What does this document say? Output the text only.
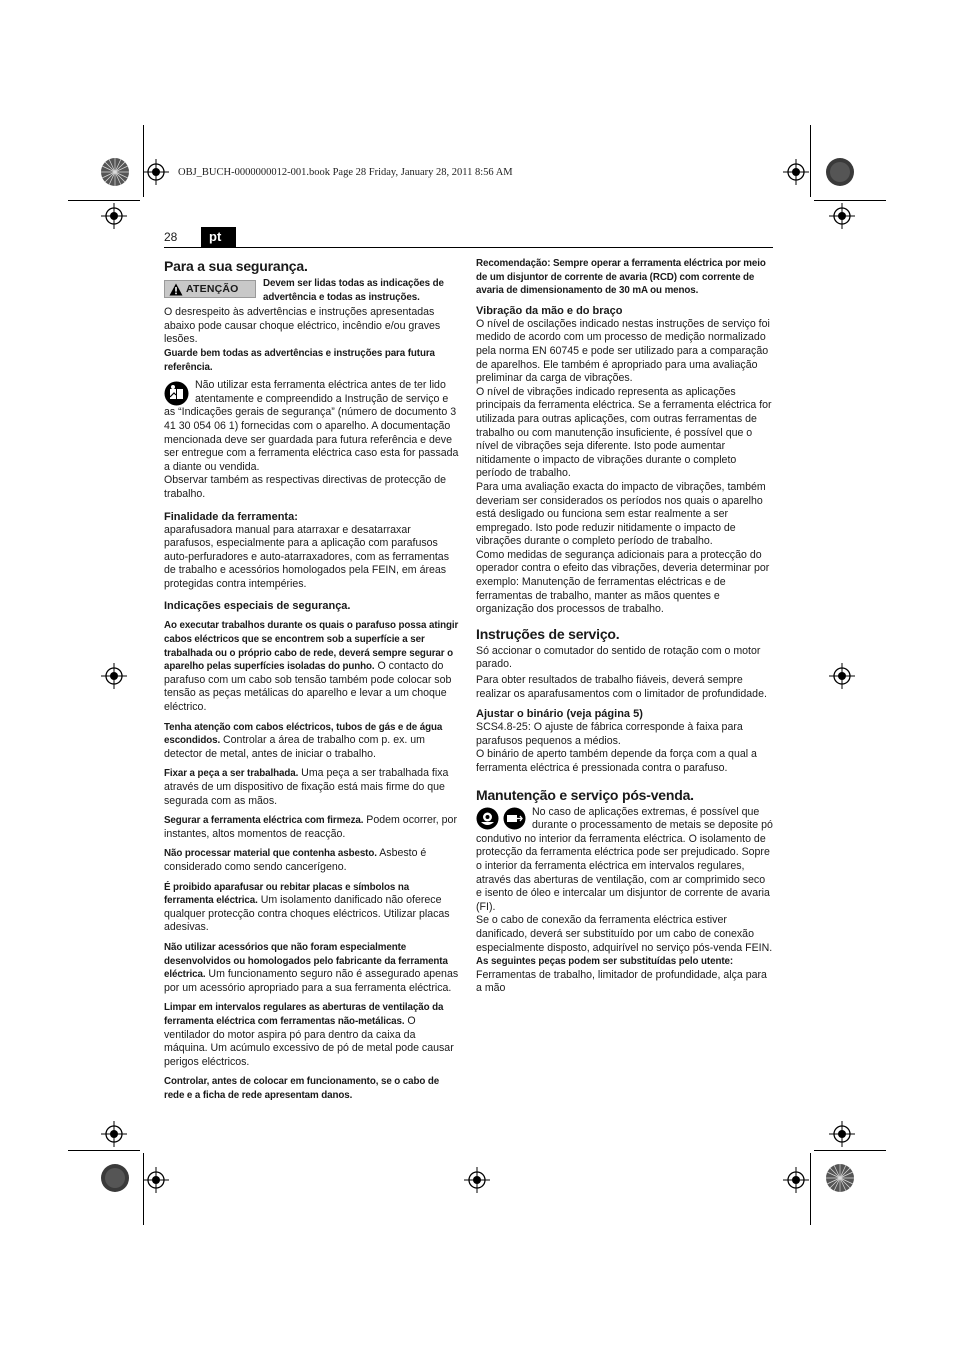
OBJ_BUCH-0000000012-001.book Page 28 Friday, January 28, 2011 8:56 AM
28	pt
Para a sua segurança.
ATENÇÃO Devem ser lidas todas as indicações de advertência e todas as instruções.

O desrespeito às advertências e instruções apresentadas abaixo pode causar choque eléctrico, incêndio e/ou graves lesões.

Guarde bem todas as advertências e instruções para futura referência.

Não utilizar esta ferramenta eléctrica antes de ter lido atentamente e compreendido a Instrução de serviço e as “Indicações gerais de segurança” (número de documento 3 41 30 054 06 1) fornecidas com o aparelho. A documentação mencionada deve ser guardada para futura referência e deve ser entregue com a ferramenta eléctrica caso esta for passada a diante ou vendida.

Observar também as respectivas directivas de protecção de trabalho.

Finalidade da ferramenta:

aparafusadora manual para atarraxar e desatarraxar parafusos, especialmente para a aplicação com parafusos auto-perfuradores e auto-atarraxadores, com as ferramentas de trabalho e acessórios homologados pela FEIN, em áreas protegidas contra intempéries.

Indicações especiais de segurança.

Ao executar trabalhos durante os quais o parafuso possa atingir cabos eléctricos que se encontrem sob a superfície a ser trabalhada ou o próprio cabo de rede, deverá sempre segurar o aparelho pelas superfícies isoladas do punho. O contacto do parafuso com um cabo sob tensão também pode colocar sob tensão as peças metálicas do aparelho e levar a um choque eléctrico.

Tenha atenção com cabos eléctricos, tubos de gás e de água escondidos. Controlar a área de trabalho com p. ex. um detector de metal, antes de iniciar o trabalho.

Fixar a peça a ser trabalhada. Uma peça a ser trabalhada fixa através de um dispositivo de fixação está mais firme do que segurada com as mãos.

Segurar a ferramenta eléctrica com firmeza. Podem ocorrer, por instantes, altos momentos de reacção.

Não processar material que contenha asbesto. Asbesto é considerado como sendo cancerígeno.

É proibido aparafusar ou rebitar placas e símbolos na ferramenta eléctrica. Um isolamento danificado não oferece qualquer protecção contra choques eléctricos. Utilizar placas adesivas.

Não utilizar acessórios que não foram especialmente desenvolvidos ou homologados pelo fabricante da ferramenta eléctrica. Um funcionamento seguro não é assegurado apenas por um acessório apropriado para a sua ferramenta eléctrica.

Limpar em intervalos regulares as aberturas de ventilação da ferramenta eléctrica com ferramentas não-metálicas. O ventilador do motor aspira pó para dentro da caixa da máquina. Um acúmulo excessivo de pó de metal pode causar perigos eléctricos.

Controlar, antes de colocar em funcionamento, se o cabo de rede e a ficha de rede apresentam danos.

Recomendação: Sempre operar a ferramenta eléctrica por meio de um disjuntor de corrente de avaria (RCD) com corrente de avaria de dimensionamento de 30 mA ou menos.

Vibração da mão e do braço

O nível de oscilações indicado nestas instruções de serviço foi medido de acordo com um processo de medição normalizado pela norma EN 60745 e pode ser utilizado para a comparação de aparelhos. Ele também é apropriado para uma avaliação preliminar da carga de vibrações.

O nível de vibrações indicado representa as aplicações principais da ferramenta eléctrica. Se a ferramenta eléctrica for utilizada para outras aplicações, com outras ferramentas de trabalho ou com manutenção insuficiente, é possível que o nível de vibrações seja diferente. Isto pode aumentar nitidamente o impacto de vibrações durante o completo período de trabalho.

Para uma avaliação exacta do impacto de vibrações, também deveriam ser considerados os períodos nos quais o aparelho está desligado ou funciona sem estar realmente a ser empregado. Isto pode reduzir nitidamente o impacto de vibrações durante o completo período de trabalho.

Como medidas de segurança adicionais para a protecção do operador contra o efeito das vibrações, deveria determinar por exemplo: Manutenção de ferramentas eléctricas e de ferramentas de trabalho, manter as mãos quentes e organização dos processos de trabalho.

Instruções de serviço.

Só accionar o comutador do sentido de rotação com o motor parado.

Para obter resultados de trabalho fiáveis, deverá sempre realizar os aparafusamentos com o limitador de profundidade.

Ajustar o binário (veja página 5)

SCS4.8-25: O ajuste de fábrica corresponde à faixa para parafusos pequenos a médios.

O binário de aperto também depende da força com a qual a ferramenta eléctrica é pressionada contra o parafuso.

Manutenção e serviço pós-venda.

No caso de aplicações extremas, é possível que durante o processamento de metais se deposite pó condutivo no interior da ferramenta eléctrica. O isolamento de protecção da ferramenta eléctrica pode ser prejudicado. Sopre o interior da ferramenta eléctrica em intervalos regulares, através das aberturas de ventilação, com ar comprimido seco e isento de óleo e intercalar um disjuntor de corrente de avaria (FI).

Se o cabo de conexão da ferramenta eléctrica estiver danificado, deverá ser substituído por um cabo de conexão especialmente disposto, adquirível no serviço pós-venda FEIN.

As seguintes peças podem ser substituídas pelo utente:

Ferramentas de trabalho, limitador de profundidade, alça para a mão
